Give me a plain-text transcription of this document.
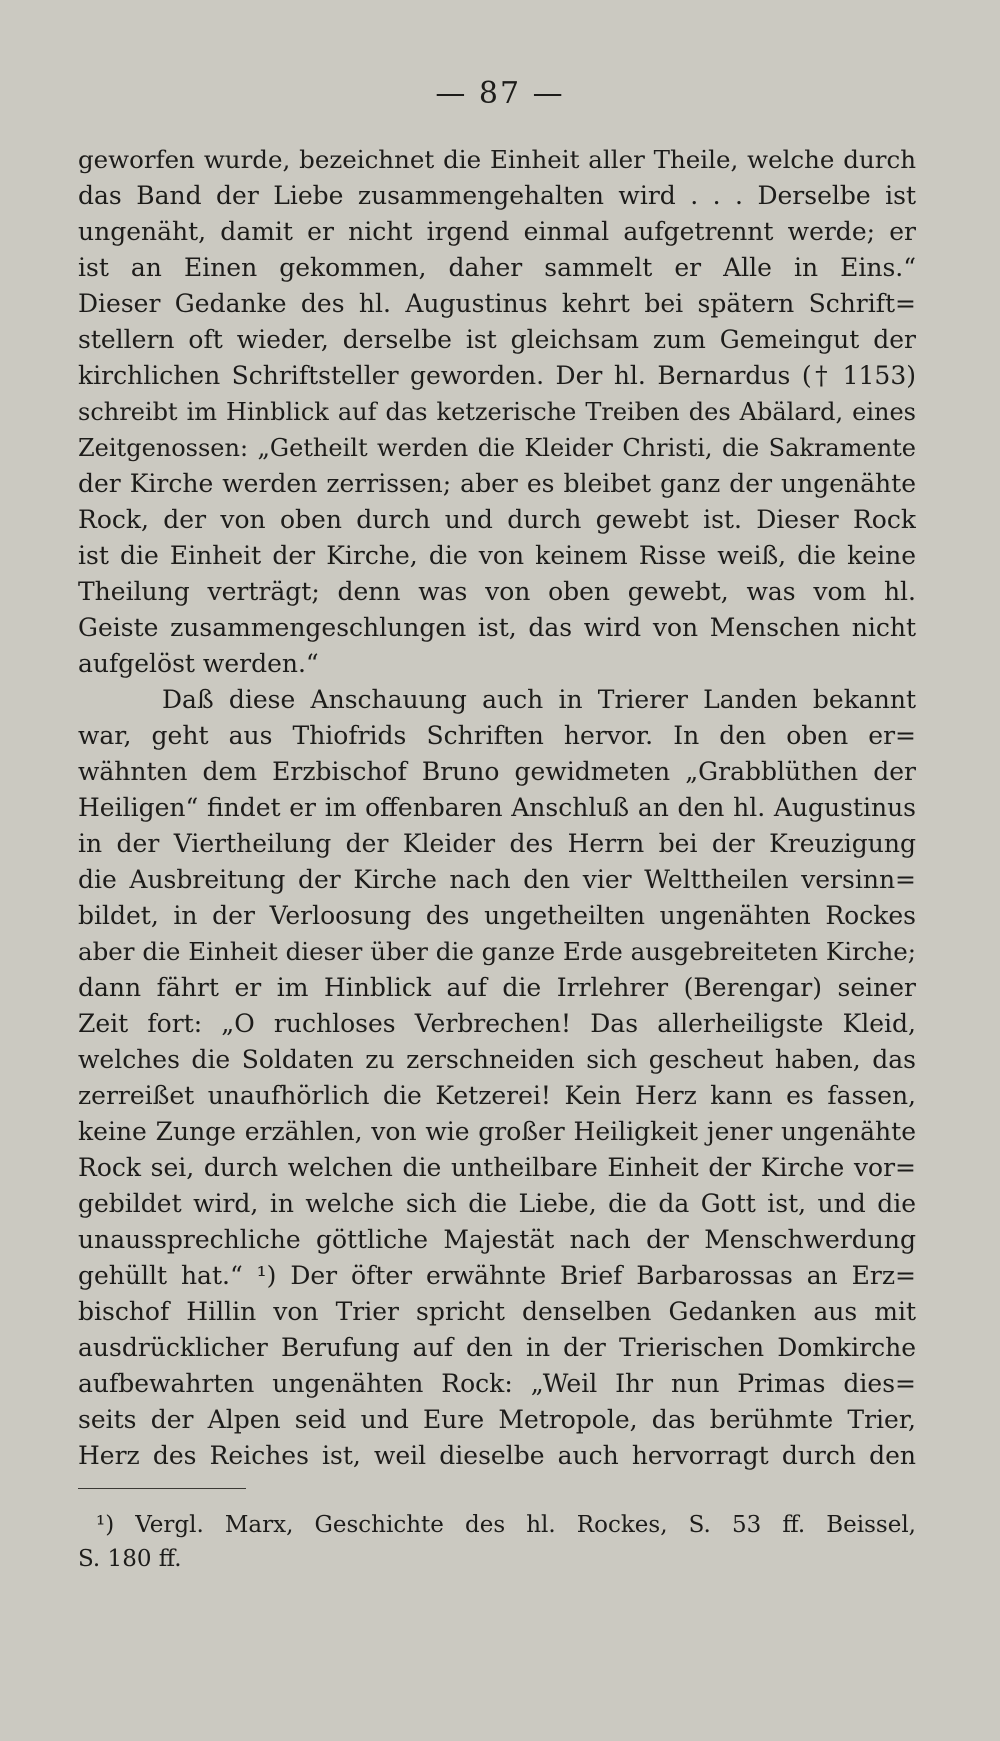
— 87 —
geworfen wurde, bezeichnet die Einheit aller Theile, welche durch
das Band der Liebe zusammengehalten wird . . . Derselbe ist
ungenäht, damit er nicht irgend einmal aufgetrennt werde; er
ist an Einen gekommen, daher sammelt er Alle in Eins.“
Dieser Gedanke des hl. Augustinus kehrt bei spätern Schrift=
stellern oft wieder, derselbe ist gleichsam zum Gemeingut der
kirchlichen Schriftsteller geworden. Der hl. Bernardus († 1153)
schreibt im Hinblick auf das ketzerische Treiben des Abälard, eines
Zeitgenossen: „Getheilt werden die Kleider Christi, die Sakramente
der Kirche werden zerrissen; aber es bleibet ganz der ungenähte
Rock, der von oben durch und durch gewebt ist. Dieser Rock
ist die Einheit der Kirche, die von keinem Risse weiß, die keine
Theilung verträgt; denn was von oben gewebt, was vom hl.
Geiste zusammengeschlungen ist, das wird von Menschen nicht
aufgelöst werden.“
Daß diese Anschauung auch in Trierer Landen bekannt
war, geht aus Thiofrids Schriften hervor. In den oben er=
wähnten dem Erzbischof Bruno gewidmeten „Grabblüthen der
Heiligen“ findet er im offenbaren Anschluß an den hl. Augustinus
in der Viertheilung der Kleider des Herrn bei der Kreuzigung
die Ausbreitung der Kirche nach den vier Welttheilen versinn=
bildet, in der Verloosung des ungetheilten ungenähten Rockes
aber die Einheit dieser über die ganze Erde ausgebreiteten Kirche;
dann fährt er im Hinblick auf die Irrlehrer (Berengar) seiner
Zeit fort: „O ruchloses Verbrechen! Das allerheiligste Kleid,
welches die Soldaten zu zerschneiden sich gescheut haben, das
zerreißet unaufhörlich die Ketzerei! Kein Herz kann es fassen,
keine Zunge erzählen, von wie großer Heiligkeit jener ungenähte
Rock sei, durch welchen die untheilbare Einheit der Kirche vor=
gebildet wird, in welche sich die Liebe, die da Gott ist, und die
unaussprechliche göttliche Majestät nach der Menschwerdung
gehüllt hat.“ ¹) Der öfter erwähnte Brief Barbarossas an Erz=
bischof Hillin von Trier spricht denselben Gedanken aus mit
ausdrücklicher Berufung auf den in der Trierischen Domkirche
aufbewahrten ungenähten Rock: „Weil Ihr nun Primas dies=
seits der Alpen seid und Eure Metropole, das berühmte Trier,
Herz des Reiches ist, weil dieselbe auch hervorragt durch den
¹) Vergl. Marx, Geschichte des hl. Rockes, S. 53 ff. Beissel,
S. 180 ff.
